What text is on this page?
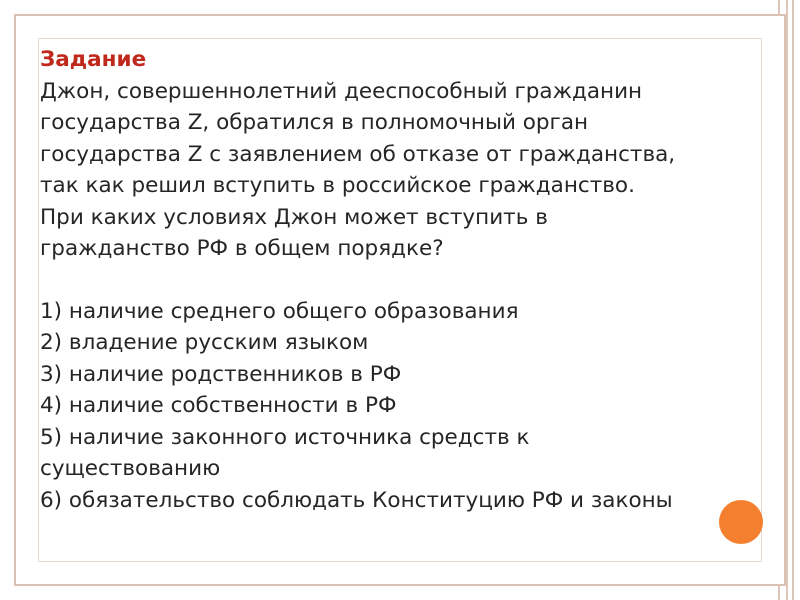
Задание

Джон, совершеннолетний дееспособный гражданин

государства Z, обратился в полномочный орган

государства Z с заявлением об отказе от гражданства,

так как решил вступить в российское гражданство.

При каких условиях Джон может вступить в

гражданство РФ в общем порядке?

1) наличие среднего общего образования

2) владение русским языком

3) наличие родственников в РФ

4) наличие собственности в РФ

5) наличие законного источника средств к

существованию

6) обязательство соблюдать Конституцию РФ и законы
